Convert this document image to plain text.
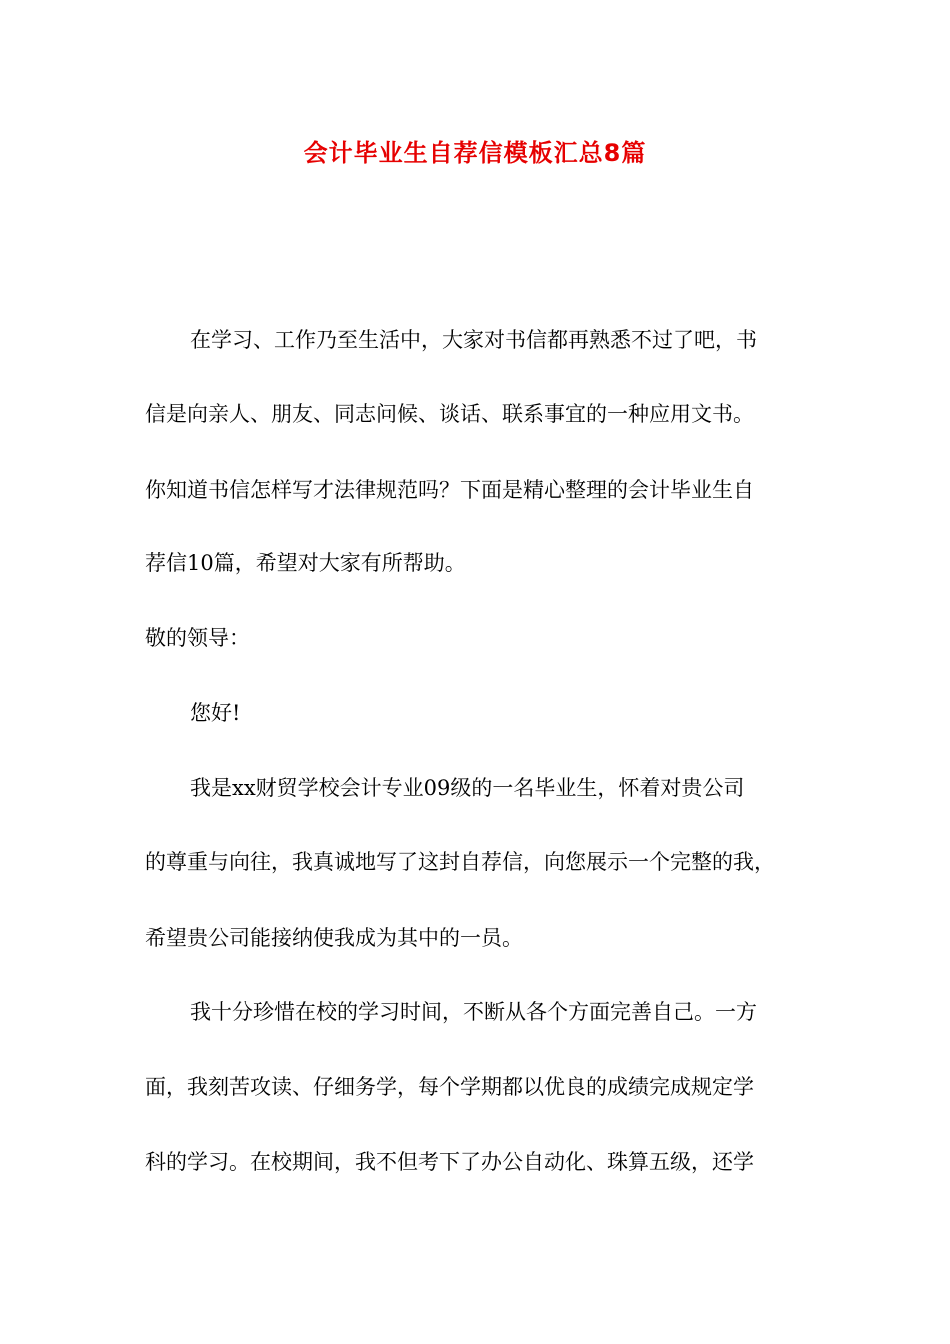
会计毕业生自荐信模板汇总8篇
在学习、工作乃至生活中，大家对书信都再熟悉不过了吧，书
信是向亲人、朋友、同志问候、谈话、联系事宜的一种应用文书。
你知道书信怎样写才法律规范吗？下面是精心整理的会计毕业生自
荐信10篇，希望对大家有所帮助。
敬的领导：
您好!
我是xx财贸学校会计专业09级的一名毕业生，怀着对贵公司
的尊重与向往，我真诚地写了这封自荐信，向您展示一个完整的我，
希望贵公司能接纳使我成为其中的一员。
我十分珍惜在校的学习时间，不断从各个方面完善自己。一方
面，我刻苦攻读、仔细务学，每个学期都以优良的成绩完成规定学
科的学习。在校期间，我不但考下了办公自动化、珠算五级，还学
